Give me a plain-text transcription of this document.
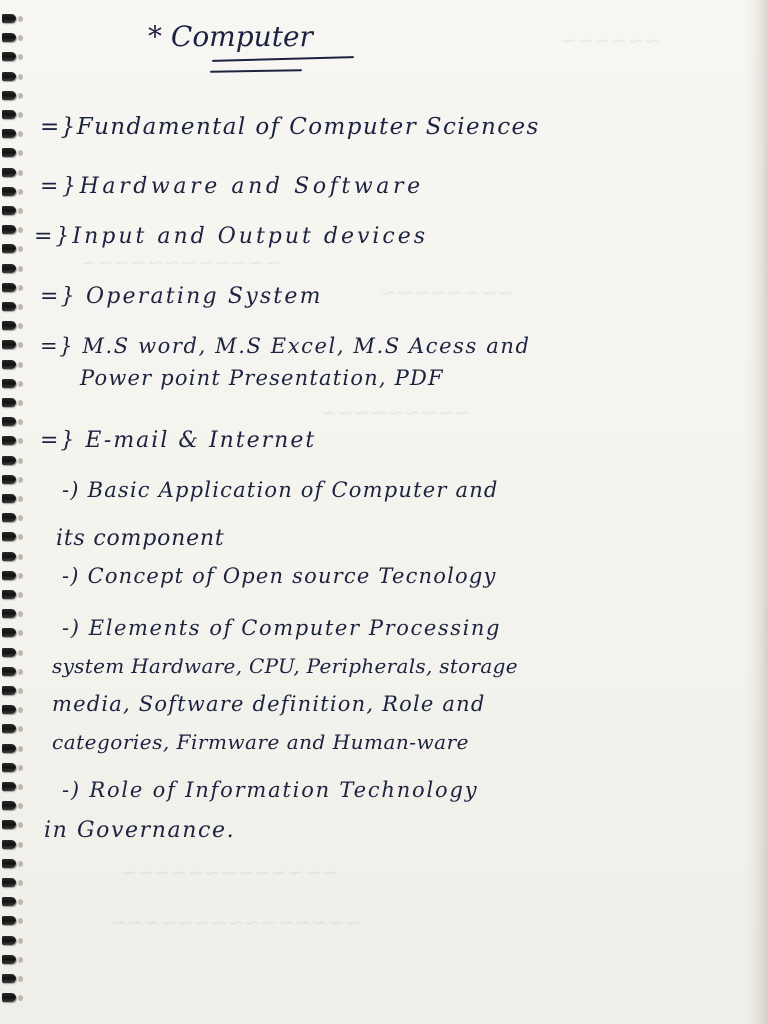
~~~~~~
~~~~~~~~~~~~
~~~~~~~~
~~~~~~~~~
~~~~~~~~~~~~~
~~~~~~~~~~~~~~~
* Computer
=}Fundamental of Computer Sciences
=}Hardware and Software
=}Input and Output devices
=} Operating System
=} M.S word, M.S Excel, M.S Acess and
Power point Presentation, PDF
=} E-mail & Internet
-) Basic Application of Computer and
its component
-) Concept of Open source Tecnology
-) Elements of Computer Processing
system Hardware, CPU, Peripherals, storage
media, Software definition, Role and
categories, Firmware and Human-ware
-) Role of Information Technology
in Governance.
